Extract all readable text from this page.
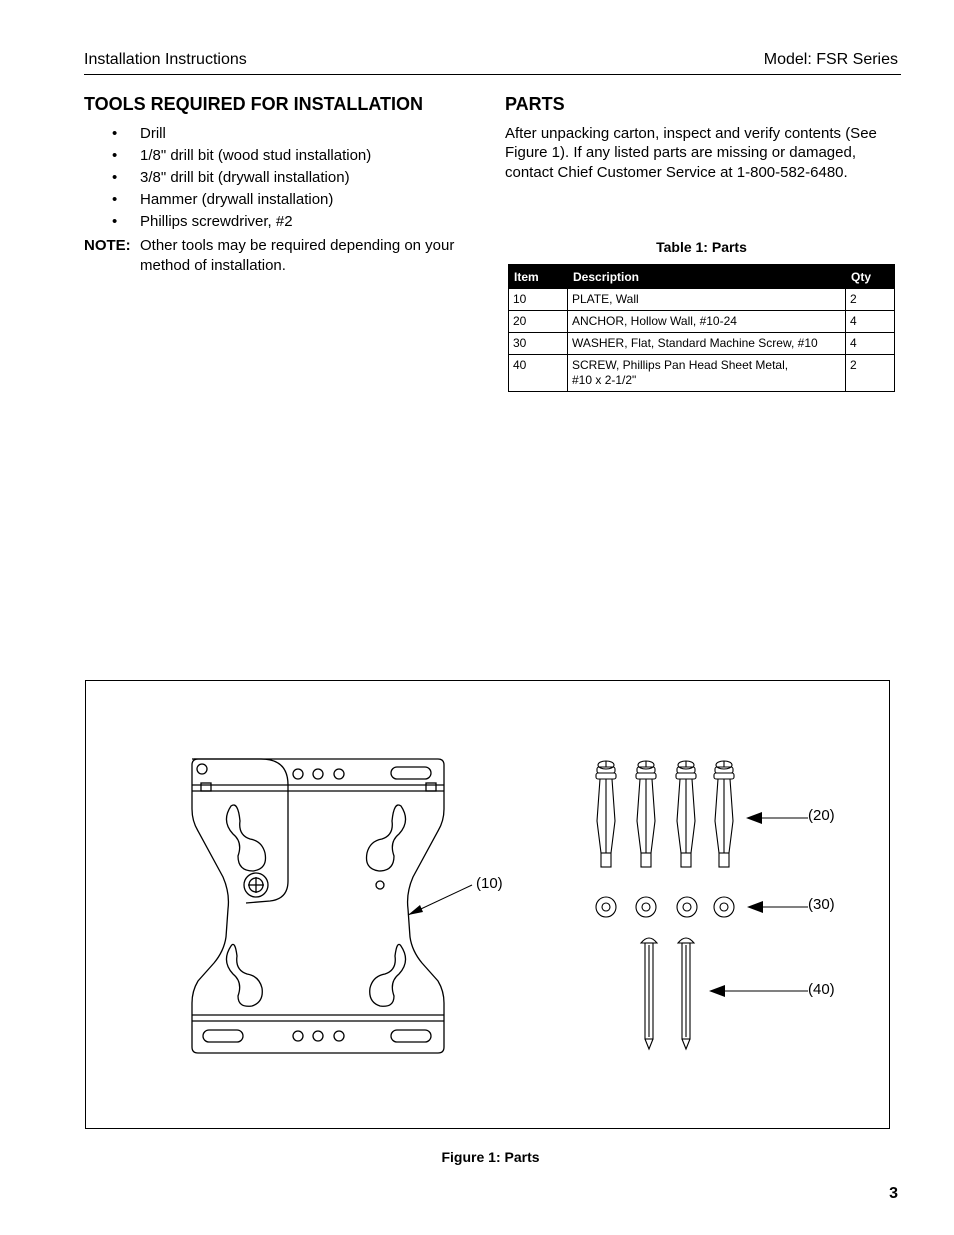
Installation Instructions	Model: FSR Series
TOOLS REQUIRED FOR INSTALLATION
• Drill
• 1/8" drill bit (wood stud installation)
• 3/8" drill bit (drywall installation)
• Hammer (drywall installation)
• Phillips screwdriver, #2
NOTE: Other tools may be required depending on your
method of installation.
PARTS
After unpacking carton, inspect and verify contents (See Figure 1). If any listed parts are missing or damaged, contact Chief Customer Service at 1-800-582-6480.
Table 1: Parts
Item	Description	Qty
10	PLATE, Wall	2
20	ANCHOR, Hollow Wall, #10-24	4
30	WASHER, Flat, Standard Machine Screw, #10	4
40	SCREW, Phillips Pan Head Sheet Metal,
#10 x 2-1/2"	2
(10)
(20)
(30)
(40)
Figure 1: Parts
3
